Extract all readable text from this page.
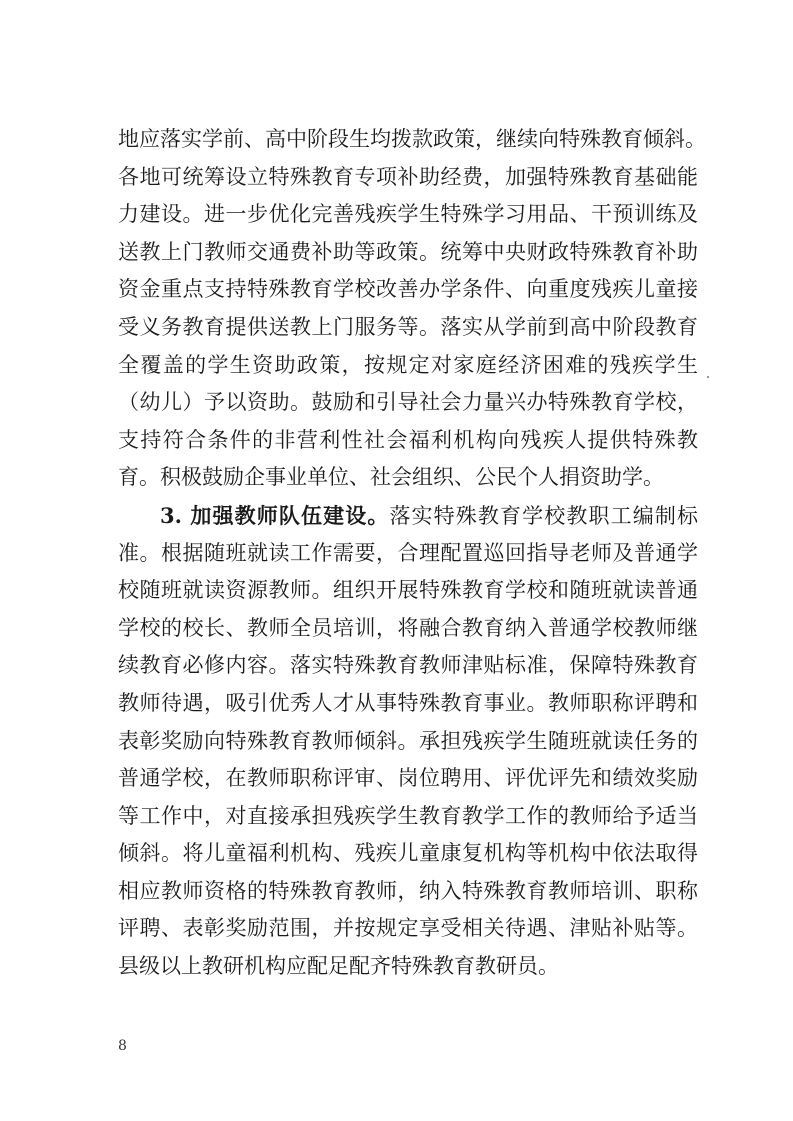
地应落实学前、高中阶段生均拨款政策，继续向特殊教育倾斜。
各地可统筹设立特殊教育专项补助经费，加强特殊教育基础能
力建设。进一步优化完善残疾学生特殊学习用品、干预训练及
送教上门教师交通费补助等政策。统筹中央财政特殊教育补助
资金重点支持特殊教育学校改善办学条件、向重度残疾儿童接
受义务教育提供送教上门服务等。落实从学前到高中阶段教育
全覆盖的学生资助政策，按规定对家庭经济困难的残疾学生
（幼儿）予以资助。鼓励和引导社会力量兴办特殊教育学校，
支持符合条件的非营利性社会福利机构向残疾人提供特殊教
育。积极鼓励企事业单位、社会组织、公民个人捐资助学。
3. 加强教师队伍建设。落实特殊教育学校教职工编制标
准。根据随班就读工作需要，合理配置巡回指导老师及普通学
校随班就读资源教师。组织开展特殊教育学校和随班就读普通
学校的校长、教师全员培训，将融合教育纳入普通学校教师继
续教育必修内容。落实特殊教育教师津贴标准，保障特殊教育
教师待遇，吸引优秀人才从事特殊教育事业。教师职称评聘和
表彰奖励向特殊教育教师倾斜。承担残疾学生随班就读任务的
普通学校，在教师职称评审、岗位聘用、评优评先和绩效奖励
等工作中，对直接承担残疾学生教育教学工作的教师给予适当
倾斜。将儿童福利机构、残疾儿童康复机构等机构中依法取得
相应教师资格的特殊教育教师，纳入特殊教育教师培训、职称
评聘、表彰奖励范围，并按规定享受相关待遇、津贴补贴等。
县级以上教研机构应配足配齐特殊教育教研员。
8
